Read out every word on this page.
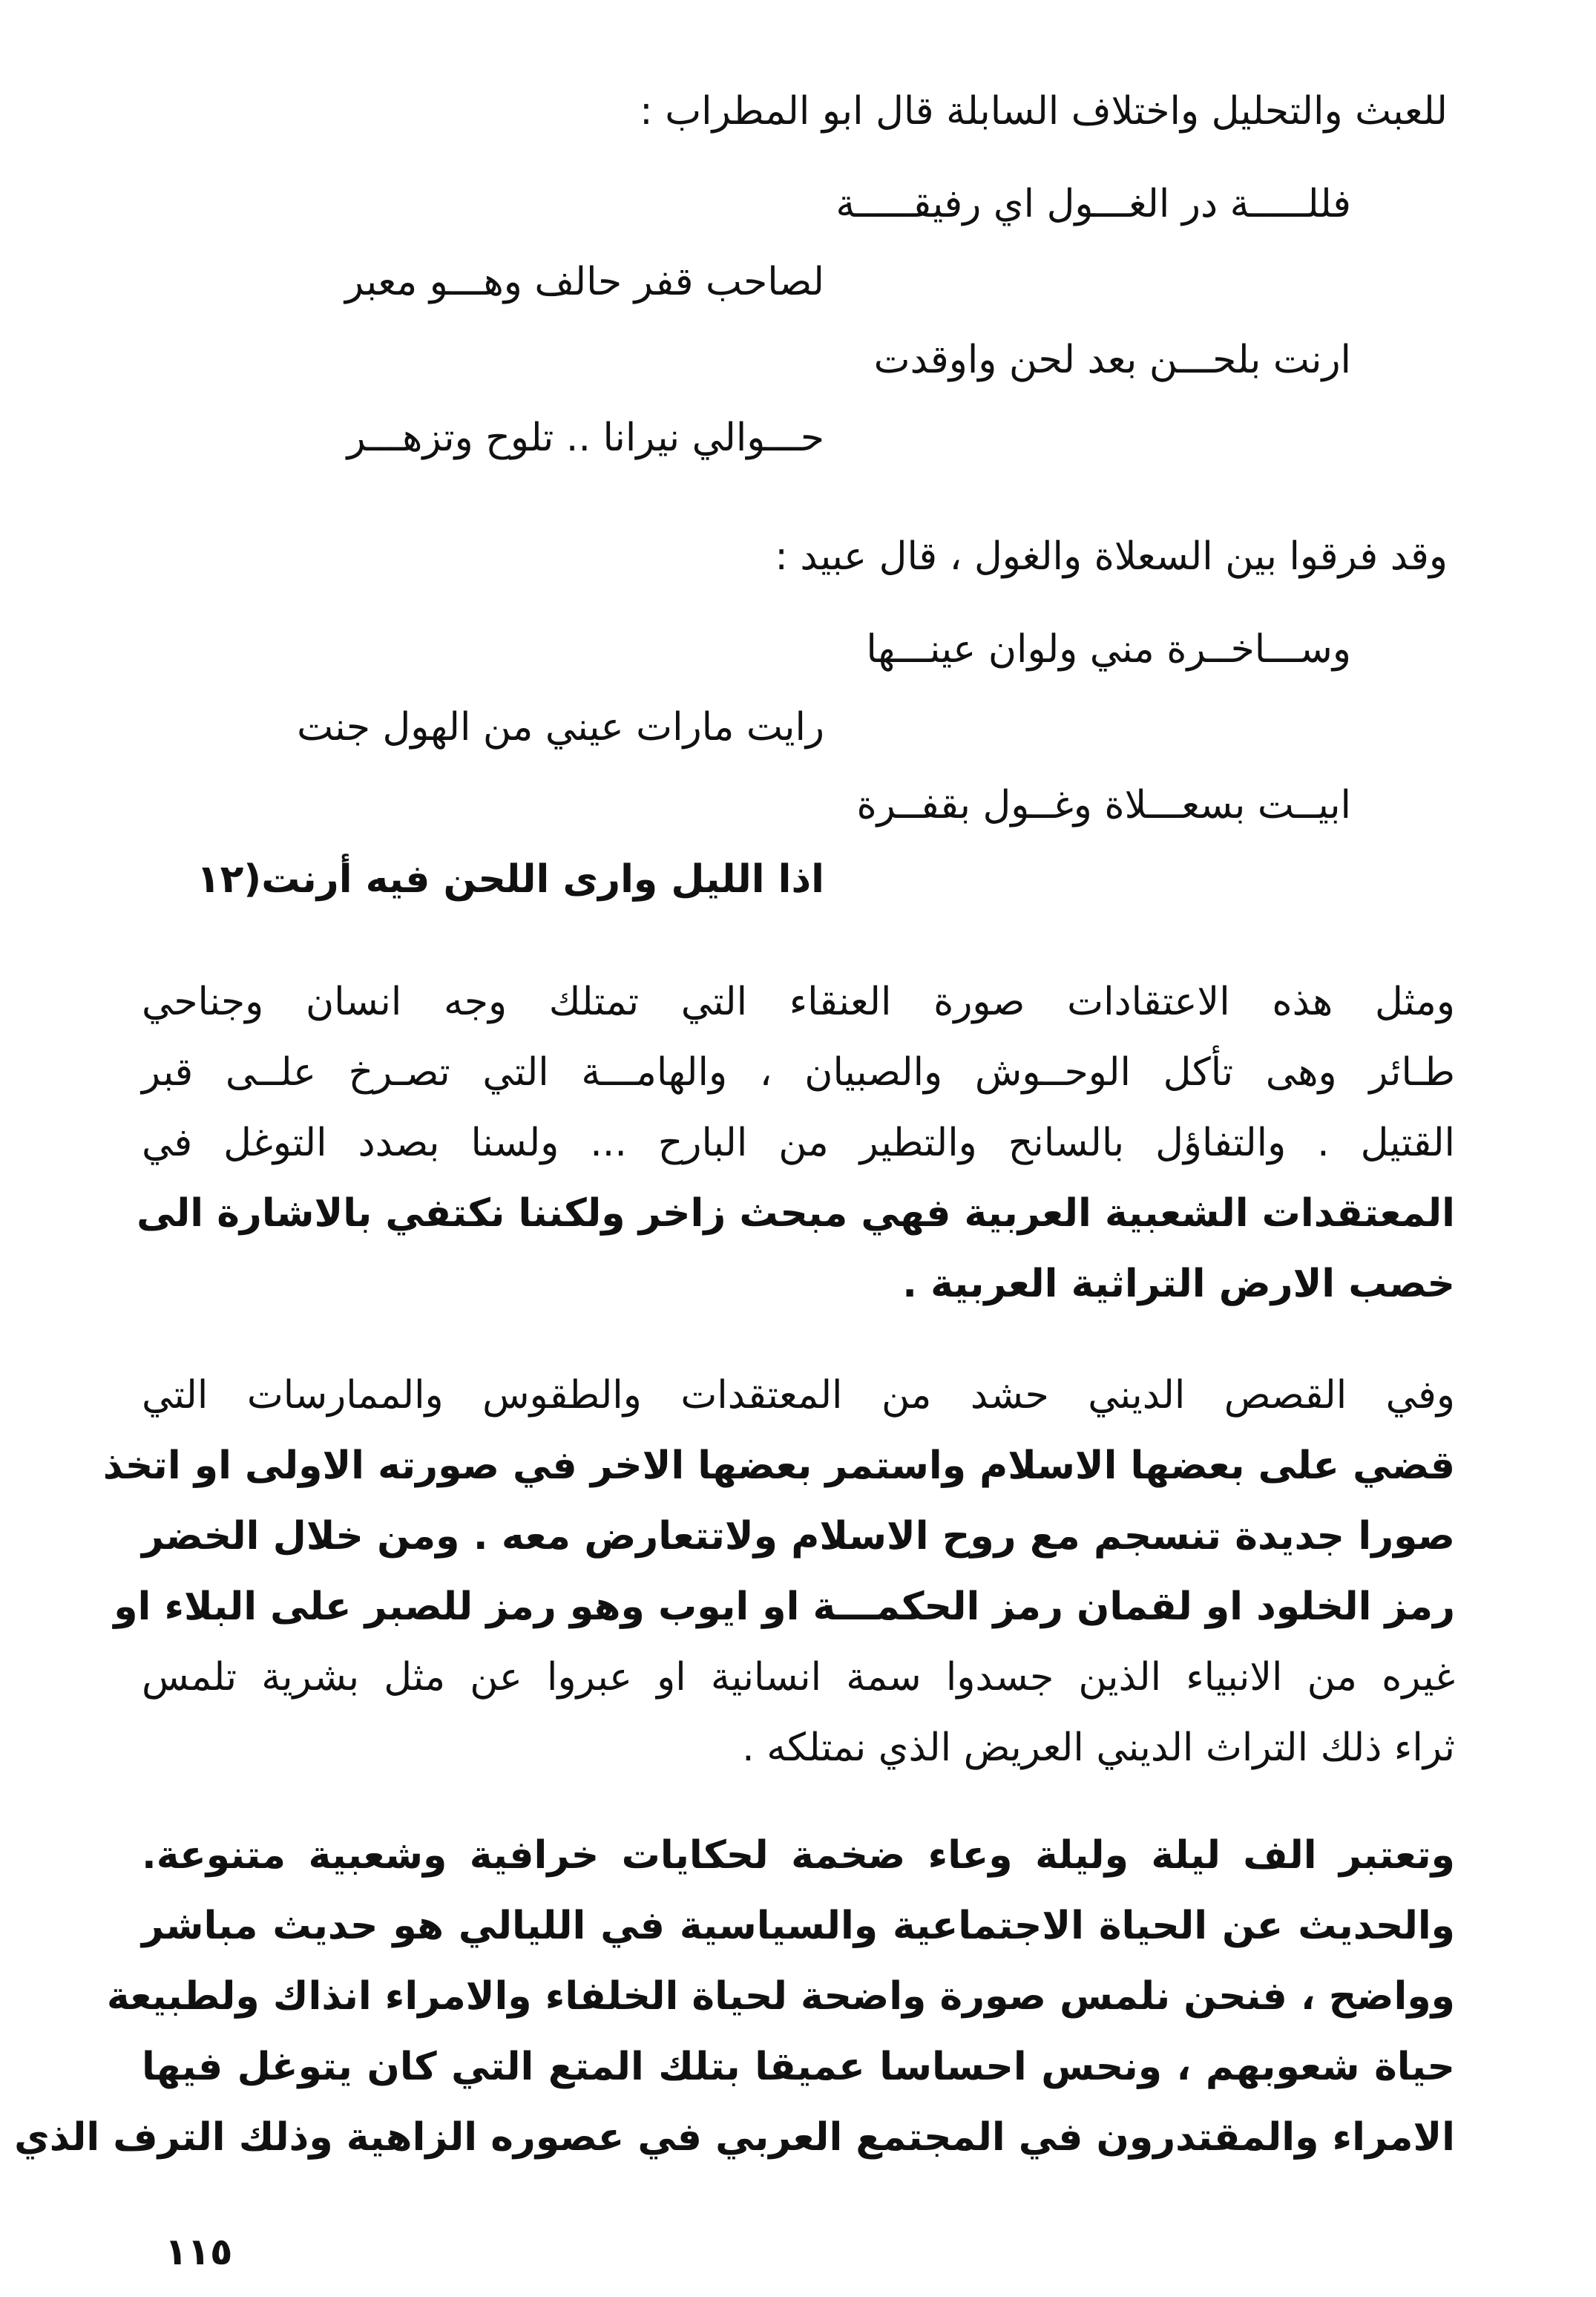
للعبث والتحليل واختلاف السابلة قال ابو المطراب :
فللـــــة در الغـــول اي رفيقـــــة
لصاحب قفر حالف وهـــو معبر
ارنت بلحـــن بعد لحن واوقدت
حـــوالي نيرانا .. تلوح وتزهـــر
وقد فرقوا بين السعلاة والغول ، قال عبيد :
وســـاخــرة مني ولوان عينـــها
رايت مارات عيني من الهول جنت
ابيــت بسعـــلاة وغــول بقفــرة
اذا الليل وارى اللحن فيه أرنت(١٢
ومثل هذه الاعتقادات صورة العنقاء التي تمتلك وجه انسان وجناحي
طـائر وهى تأكل الوحــوش والصبيان ، والهامـــة التي تصـرخ علــى قبر
القتيل . والتفاؤل بالسانح والتطير من البارح ... ولسنا بصدد التوغل في
المعتقدات الشعبية العربية فهي مبحث زاخر ولكننا نكتفي بالاشارة الى
خصب الارض التراثية العربية .
وفي القصص الديني حشد من المعتقدات والطقوس والممارسات التي
قضي على بعضها الاسلام واستمر بعضها الاخر في صورته الاولى او اتخذ
صورا جديدة تنسجم مع روح الاسلام ولاتتعارض معه . ومن خلال الخضر
رمز الخلود او لقمان رمز الحكمـــة او ايوب وهو رمز للصبر على البلاء او
غيره من الانبياء الذين جسدوا سمة انسانية او عبروا عن مثل بشرية تلمس
ثراء ذلك التراث الديني العريض الذي نمتلكه .
وتعتبر الف ليلة وليلة وعاء ضخمة لحكايات خرافية وشعبية متنوعة.
والحديث عن الحياة الاجتماعية والسياسية في الليالي هو حديث مباشر
وواضح ، فنحن نلمس صورة واضحة لحياة الخلفاء والامراء انذاك ولطبيعة
حياة شعوبهم ، ونحس احساسا عميقا بتلك المتع التي كان يتوغل فيها
الامراء والمقتدرون في المجتمع العربي في عصوره الزاهية وذلك الترف الذي
١١٥
